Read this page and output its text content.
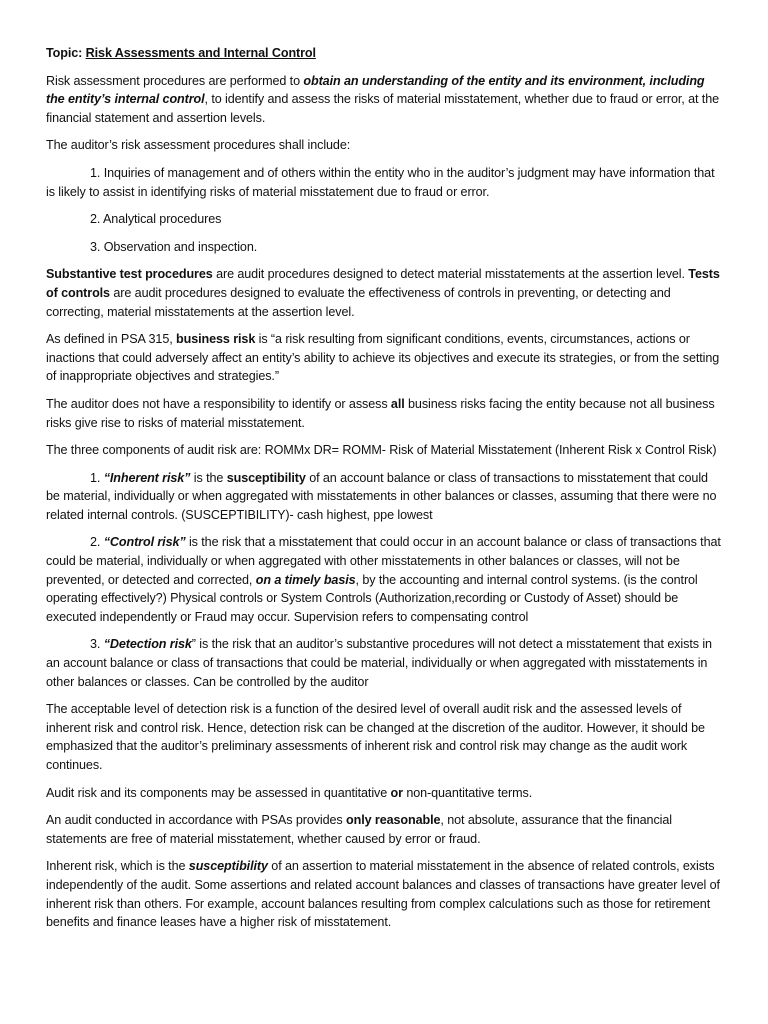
Topic: Risk Assessments and Internal Control

Risk assessment procedures are performed to obtain an understanding of the entity and its environment, including the entity’s internal control, to identify and assess the risks of material misstatement, whether due to fraud or error, at the financial statement and assertion levels.

The auditor’s risk assessment procedures shall include:

1. Inquiries of management and of others within the entity who in the auditor’s judgment may have information that is likely to assist in identifying risks of material misstatement due to fraud or error.

2. Analytical procedures

3. Observation and inspection.

Substantive test procedures are audit procedures designed to detect material misstatements at the assertion level. Tests of controls are audit procedures designed to evaluate the effectiveness of controls in preventing, or detecting and correcting, material misstatements at the assertion level.

As defined in PSA 315, business risk is “a risk resulting from significant conditions, events, circumstances, actions or inactions that could adversely affect an entity’s ability to achieve its objectives and execute its strategies, or from the setting of inappropriate objectives and strategies.”

The auditor does not have a responsibility to identify or assess all business risks facing the entity because not all business risks give rise to risks of material misstatement.

The three components of audit risk are: ROMMx DR= ROMM- Risk of Material Misstatement (Inherent Risk x Control Risk)

1. “Inherent risk” is the susceptibility of an account balance or class of transactions to misstatement that could be material, individually or when aggregated with misstatements in other balances or classes, assuming that there were no related internal controls. (SUSCEPTIBILITY)- cash highest, ppe lowest

2. “Control risk” is the risk that a misstatement that could occur in an account balance or class of transactions that could be material, individually or when aggregated with other misstatements in other balances or classes, will not be prevented, or detected and corrected, on a timely basis, by the accounting and internal control systems. (is the control operating effectively?) Physical controls or System Controls (Authorization,recording or Custody of Asset) should be executed independently or Fraud may occur. Supervision refers to compensating control

3. “Detection risk” is the risk that an auditor’s substantive procedures will not detect a misstatement that exists in an account balance or class of transactions that could be material, individually or when aggregated with misstatements in other balances or classes. Can be controlled by the auditor

The acceptable level of detection risk is a function of the desired level of overall audit risk and the assessed levels of inherent risk and control risk. Hence, detection risk can be changed at the discretion of the auditor. However, it should be emphasized that the auditor’s preliminary assessments of inherent risk and control risk may change as the audit work continues.

Audit risk and its components may be assessed in quantitative or non-quantitative terms.

An audit conducted in accordance with PSAs provides only reasonable, not absolute, assurance that the financial statements are free of material misstatement, whether caused by error or fraud.

Inherent risk, which is the susceptibility of an assertion to material misstatement in the absence of related controls, exists independently of the audit. Some assertions and related account balances and classes of transactions have greater level of inherent risk than others. For example, account balances resulting from complex calculations such as those for retirement benefits and finance leases have a higher risk of misstatement.
